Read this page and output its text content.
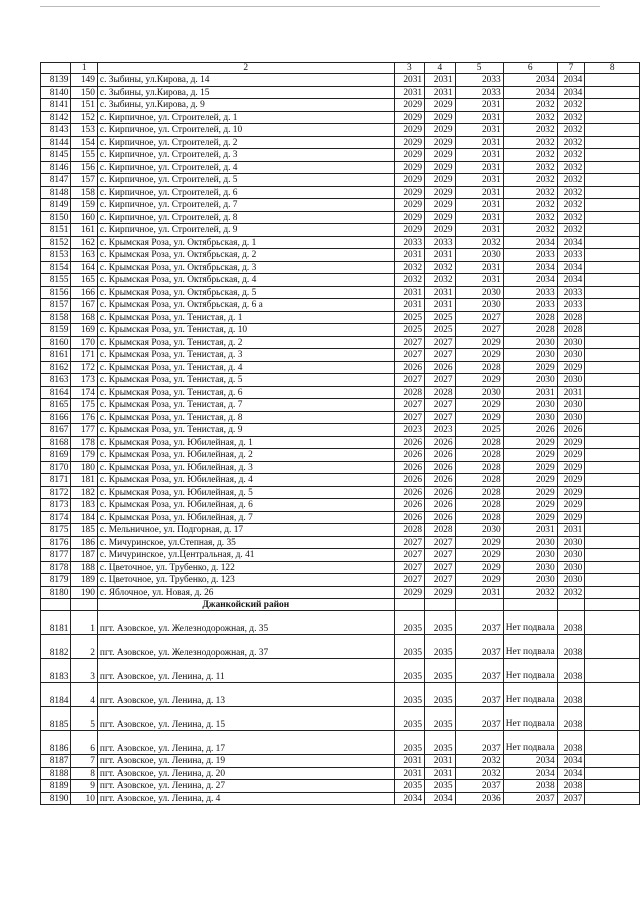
	1	2	3	4	5	6	7	8
8139	149	с. Зыбины, ул.Кирова, д. 14	2031	2031	2033	2034	2034	
8140	150	с. Зыбины, ул.Кирова, д. 15	2031	2031	2033	2034	2034	
8141	151	с. Зыбины, ул.Кирова, д. 9	2029	2029	2031	2032	2032	
8142	152	с. Кирпичное, ул. Строителей, д. 1	2029	2029	2031	2032	2032	
8143	153	с. Кирпичное, ул. Строителей, д. 10	2029	2029	2031	2032	2032	
8144	154	с. Кирпичное, ул. Строителей, д. 2	2029	2029	2031	2032	2032	
8145	155	с. Кирпичное, ул. Строителей, д. 3	2029	2029	2031	2032	2032	
8146	156	с. Кирпичное, ул. Строителей, д. 4	2029	2029	2031	2032	2032	
8147	157	с. Кирпичное, ул. Строителей, д. 5	2029	2029	2031	2032	2032	
8148	158	с. Кирпичное, ул. Строителей, д. 6	2029	2029	2031	2032	2032	
8149	159	с. Кирпичное, ул. Строителей, д. 7	2029	2029	2031	2032	2032	
8150	160	с. Кирпичное, ул. Строителей, д. 8	2029	2029	2031	2032	2032	
8151	161	с. Кирпичное, ул. Строителей, д. 9	2029	2029	2031	2032	2032	
8152	162	с. Крымская Роза, ул. Октябрьская, д. 1	2033	2033	2032	2034	2034	
8153	163	с. Крымская Роза, ул. Октябрьская, д. 2	2031	2031	2030	2033	2033	
8154	164	с. Крымская Роза, ул. Октябрьская, д. 3	2032	2032	2031	2034	2034	
8155	165	с. Крымская Роза, ул. Октябрьская, д. 4	2032	2032	2031	2034	2034	
8156	166	с. Крымская Роза, ул. Октябрьская, д. 5	2031	2031	2030	2033	2033	
8157	167	с. Крымская Роза, ул. Октябрьская, д. 6 а	2031	2031	2030	2033	2033	
8158	168	с. Крымская Роза, ул. Тенистая, д. 1	2025	2025	2027	2028	2028	
8159	169	с. Крымская Роза, ул. Тенистая, д. 10	2025	2025	2027	2028	2028	
8160	170	с. Крымская Роза, ул. Тенистая, д. 2	2027	2027	2029	2030	2030	
8161	171	с. Крымская Роза, ул. Тенистая, д. 3	2027	2027	2029	2030	2030	
8162	172	с. Крымская Роза, ул. Тенистая, д. 4	2026	2026	2028	2029	2029	
8163	173	с. Крымская Роза, ул. Тенистая, д. 5	2027	2027	2029	2030	2030	
8164	174	с. Крымская Роза, ул. Тенистая, д. 6	2028	2028	2030	2031	2031	
8165	175	с. Крымская Роза, ул. Тенистая, д. 7	2027	2027	2029	2030	2030	
8166	176	с. Крымская Роза, ул. Тенистая, д. 8	2027	2027	2029	2030	2030	
8167	177	с. Крымская Роза, ул. Тенистая, д. 9	2023	2023	2025	2026	2026	
8168	178	с. Крымская Роза, ул. Юбилейная, д. 1	2026	2026	2028	2029	2029	
8169	179	с. Крымская Роза, ул. Юбилейная, д. 2	2026	2026	2028	2029	2029	
8170	180	с. Крымская Роза, ул. Юбилейная, д. 3	2026	2026	2028	2029	2029	
8171	181	с. Крымская Роза, ул. Юбилейная, д. 4	2026	2026	2028	2029	2029	
8172	182	с. Крымская Роза, ул. Юбилейная, д. 5	2026	2026	2028	2029	2029	
8173	183	с. Крымская Роза, ул. Юбилейная, д. 6	2026	2026	2028	2029	2029	
8174	184	с. Крымская Роза, ул. Юбилейная, д. 7	2026	2026	2028	2029	2029	
8175	185	с. Мельничное, ул. Подгорная, д. 17	2028	2028	2030	2031	2031	
8176	186	с. Мичуринское, ул.Степная, д. 35	2027	2027	2029	2030	2030	
8177	187	с. Мичуринское, ул.Центральная, д. 41	2027	2027	2029	2030	2030	
8178	188	с. Цветочное, ул. Трубенко, д. 122	2027	2027	2029	2030	2030	
8179	189	с. Цветочное, ул. Трубенко, д. 123	2027	2027	2029	2030	2030	
8180	190	с. Яблочное, ул. Новая, д. 26	2029	2029	2031	2032	2032	
		Джанкойский район						
8181	1	пгт. Азовское, ул. Железнодорожная, д. 35	2035	2035	2037	Нет подвала	2038	
8182	2	пгт. Азовское, ул. Железнодорожная, д. 37	2035	2035	2037	Нет подвала	2038	
8183	3	пгт. Азовское, ул. Ленина, д. 11	2035	2035	2037	Нет подвала	2038	
8184	4	пгт. Азовское, ул. Ленина, д. 13	2035	2035	2037	Нет подвала	2038	
8185	5	пгт. Азовское, ул. Ленина, д. 15	2035	2035	2037	Нет подвала	2038	
8186	6	пгт. Азовское, ул. Ленина, д. 17	2035	2035	2037	Нет подвала	2038	
8187	7	пгт. Азовское, ул. Ленина, д. 19	2031	2031	2032	2034	2034	
8188	8	пгт. Азовское, ул. Ленина, д. 20	2031	2031	2032	2034	2034	
8189	9	пгт. Азовское, ул. Ленина, д. 27	2035	2035	2037	2038	2038	
8190	10	пгт. Азовское, ул. Ленина, д. 4	2034	2034	2036	2037	2037	
